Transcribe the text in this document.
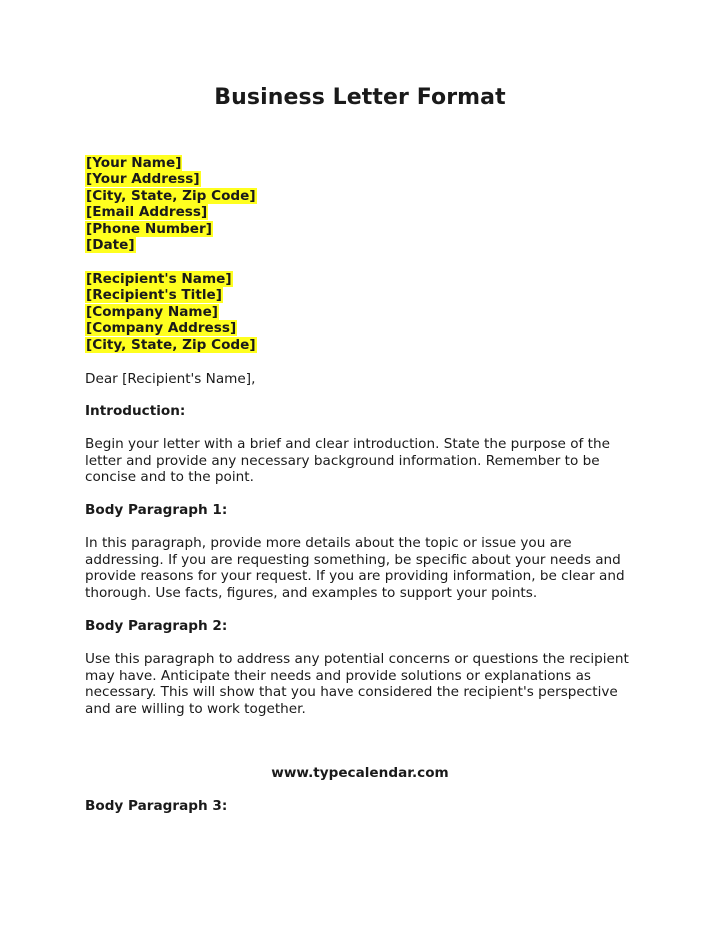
Business Letter Format
[Your Name]
[Your Address]
[City, State, Zip Code]
[Email Address]
[Phone Number]
[Date]
[Recipient's Name]
[Recipient's Title]
[Company Name]
[Company Address]
[City, State, Zip Code]
Dear [Recipient's Name],
Introduction:

Begin your letter with a brief and clear introduction. State the purpose of the letter and provide any necessary background information. Remember to be concise and to the point.

Body Paragraph 1:

In this paragraph, provide more details about the topic or issue you are addressing. If you are requesting something, be specific about your needs and provide reasons for your request. If you are providing information, be clear and thorough. Use facts, figures, and examples to support your points.

Body Paragraph 2:

Use this paragraph to address any potential concerns or questions the recipient may have. Anticipate their needs and provide solutions or explanations as necessary. This will show that you have considered the recipient's perspective and are willing to work together.

www.typecalendar.com
Body Paragraph 3:
